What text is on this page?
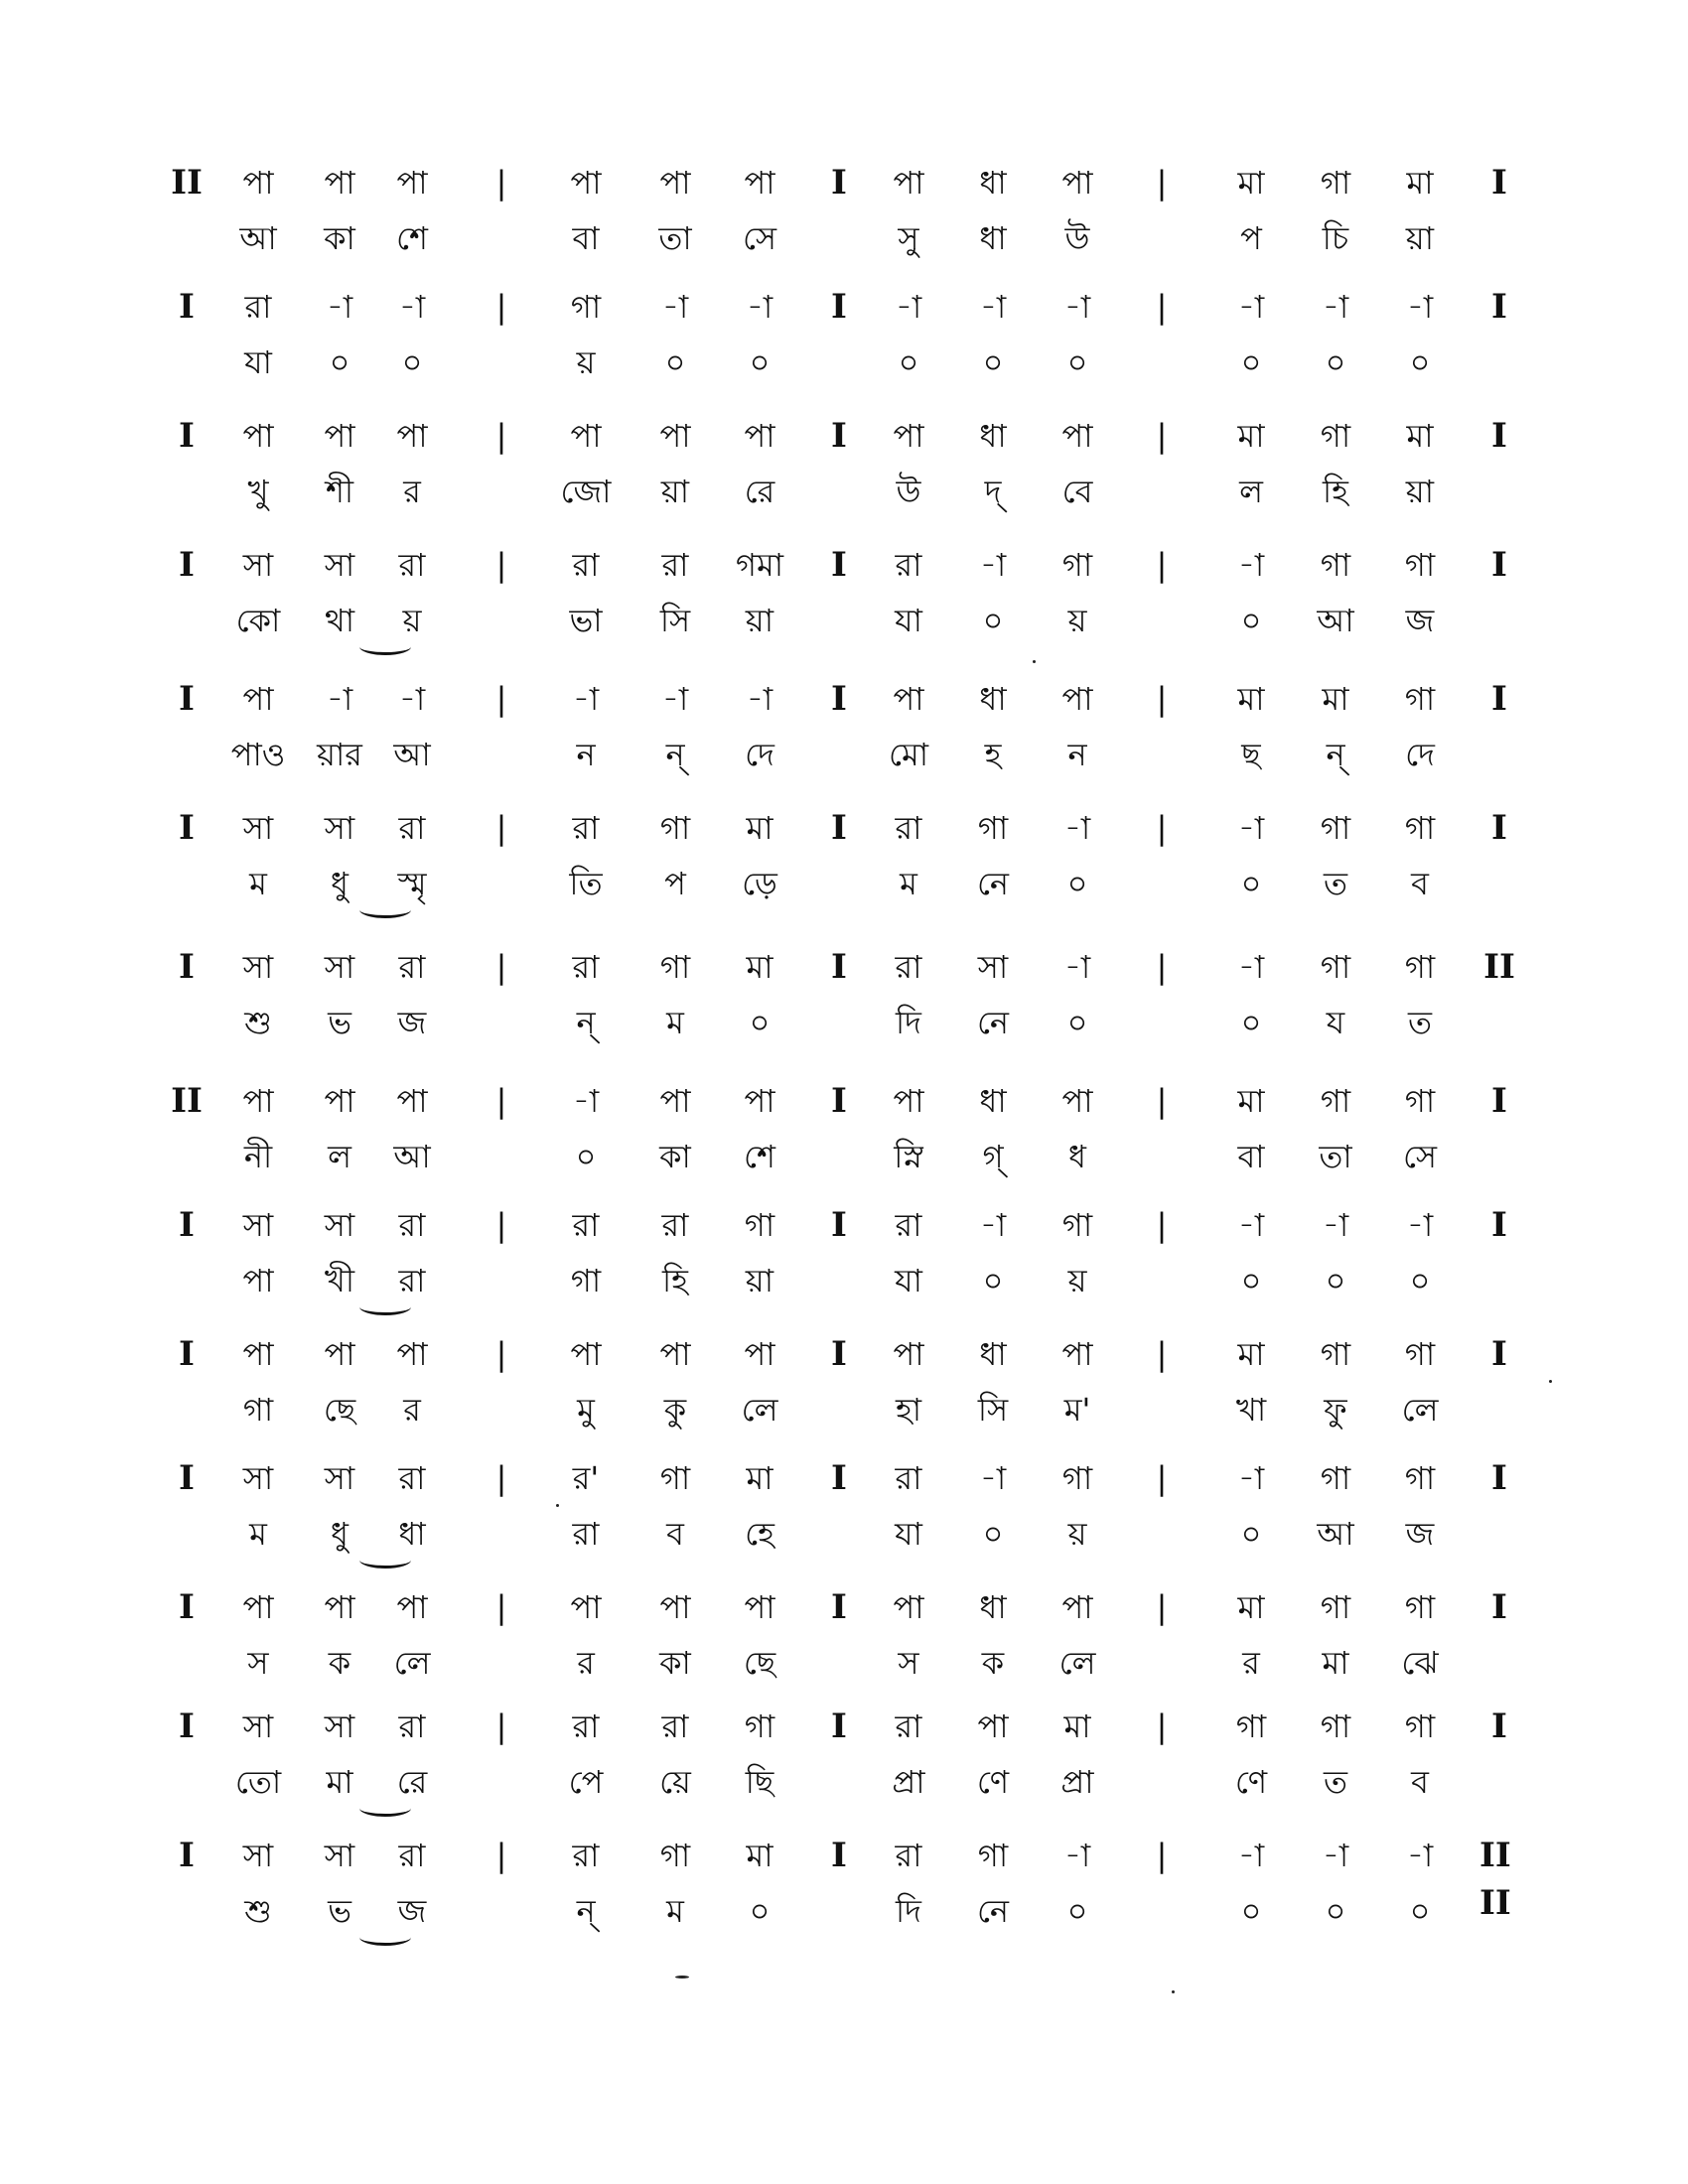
II পা পা পা | পা পা পা I পা ধা পা | মা গা মা I
আ কা শে	বা তা সে	সু ধা উ	প চি য়া
I রা -া -া | গা -া -া I -া -া -া | -া -া -া I
যা ০ ০	য় ০ ০	০ ০ ০	০ ০ ০
I পা পা পা | পা পা পা I পা ধা পা | মা গা মা I
খু শী র	জো য়া রে	উ দ্ বে	ল হি য়া
I সা সা রা | রা রা গমা I রা -া গা | -া গা গা I
কো থা য়	ভা সি য়া	যা ০ য়	০ আ জ
I পা -া -া | -া -া -া I পা ধা পা | মা মা গা I
পাও য়ার আ	ন ন্ দে	মো হ ন	ছ ন্ দে
I সা সা রা | রা গা মা I রা গা -া | -া গা গা I
ম ধু স্মৃ	তি প ড়ে	ম নে ০	০ ত ব
I সা সা রা | রা গা মা I রা সা -া | -া গা গা II
শু ভ জ	ন্ ম ০	দি নে ০	০ য ত
II পা পা পা | -া পা পা I পা ধা পা | মা গা গা I
নী ল আ	০ কা শে	স্নি গ্ ধ	বা তা সে
I সা সা রা | রা রা গা I রা -া গা | -া -া -া I
পা খী রা	গা হি য়া	যা ০ য়	০ ০ ০
I পা পা পা | পা পা পা I পা ধা পা | মা গা গা I
গা ছে র	মু কু লে	হা সি ম'	খা ফু লে
I সা সা রা | র' গা মা I রা -া গা | -া গা গা I
ম ধু ধা	রা ব হে	যা ০ য়	০ আ জ
I পা পা পা | পা পা পা I পা ধা পা | মা গা গা I
স ক লে	র কা ছে	স ক লে	র মা ঝে
I সা সা রা | রা রা গা I রা পা মা | গা গা গা I
তো মা রে	পে য়ে ছি	প্রা ণে প্রা	ণে ত ব
I সা সা রা | রা গা মা I রা গা -া | -া -া -া II II
শু ভ জ	ন্ ম ০	দি নে ০	০ ০ ০
